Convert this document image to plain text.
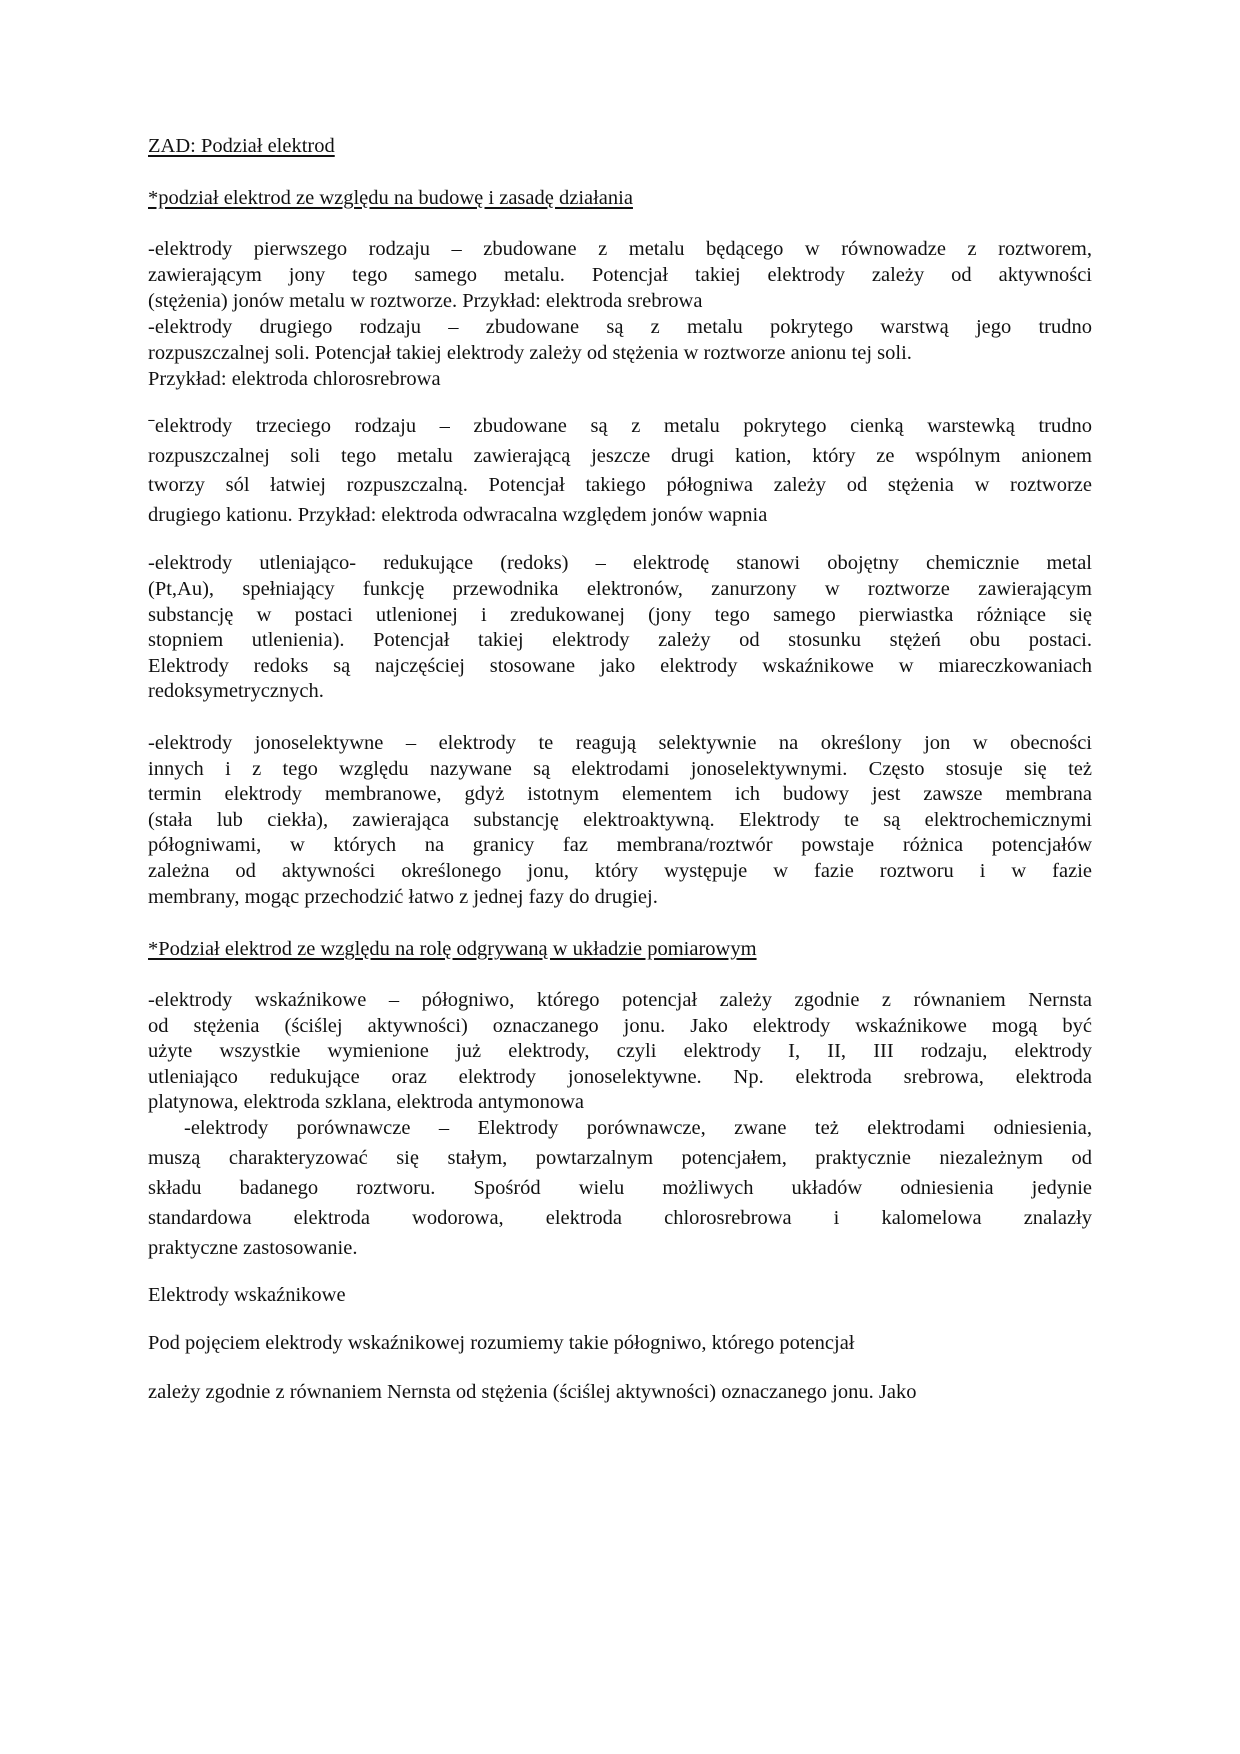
ZAD: Podział elektrod
*podział elektrod ze względu na budowę i zasadę działania
-elektrody pierwszego rodzaju – zbudowane z metalu będącego w równowadze z roztworem,
zawierającym jony tego samego metalu. Potencjał takiej elektrody zależy od aktywności
(stężenia) jonów metalu w roztworze. Przykład: elektroda srebrowa
-elektrody drugiego rodzaju – zbudowane są z metalu pokrytego warstwą jego trudno
rozpuszczalnej soli. Potencjał takiej elektrody zależy od stężenia w roztworze anionu tej soli.
Przykład: elektroda chlorosrebrowa
ˉelektrody trzeciego rodzaju – zbudowane są z metalu pokrytego cienką warstewką trudno
rozpuszczalnej soli tego metalu zawierającą jeszcze drugi kation, który ze wspólnym anionem
tworzy sól łatwiej rozpuszczalną. Potencjał takiego półogniwa zależy od stężenia w roztworze
drugiego kationu. Przykład: elektroda odwracalna względem jonów wapnia
-elektrody utleniająco- redukujące (redoks) – elektrodę stanowi obojętny chemicznie metal
(Pt,Au), spełniający funkcję przewodnika elektronów, zanurzony w roztworze zawierającym
substancję w postaci utlenionej i zredukowanej (jony tego samego pierwiastka różniące się
stopniem utlenienia). Potencjał takiej elektrody zależy od stosunku stężeń obu postaci.
Elektrody redoks są najczęściej stosowane jako elektrody wskaźnikowe w miareczkowaniach
redoksymetrycznych.
-elektrody jonoselektywne – elektrody te reagują selektywnie na określony jon w obecności
innych i z tego względu nazywane są elektrodami jonoselektywnymi. Często stosuje się też
termin elektrody membranowe, gdyż istotnym elementem ich budowy jest zawsze membrana
(stała lub ciekła), zawierająca substancję elektroaktywną. Elektrody te są elektrochemicznymi
półogniwami, w których na granicy faz membrana/roztwór powstaje różnica potencjałów
zależna od aktywności określonego jonu, który występuje w fazie roztworu i w fazie
membrany, mogąc przechodzić łatwo z jednej fazy do drugiej.
*Podział elektrod ze względu na rolę odgrywaną w układzie pomiarowym
-elektrody wskaźnikowe – półogniwo, którego potencjał zależy zgodnie z równaniem Nernsta
od stężenia (ściślej aktywności) oznaczanego jonu. Jako elektrody wskaźnikowe mogą być
użyte wszystkie wymienione już elektrody, czyli elektrody I, II, III rodzaju, elektrody
utleniająco redukujące oraz elektrody jonoselektywne. Np. elektroda srebrowa, elektroda
platynowa, elektroda szklana, elektroda antymonowa
-elektrody porównawcze – Elektrody porównawcze, zwane też elektrodami odniesienia,
muszą charakteryzować się stałym, powtarzalnym potencjałem, praktycznie niezależnym od
składu badanego roztworu. Spośród wielu możliwych układów odniesienia jedynie
standardowa elektroda wodorowa, elektroda chlorosrebrowa i kalomelowa znalazły
praktyczne zastosowanie.
Elektrody wskaźnikowe
Pod pojęciem elektrody wskaźnikowej rozumiemy takie półogniwo, którego potencjał
zależy zgodnie z równaniem Nernsta od stężenia (ściślej aktywności) oznaczanego jonu. Jako
